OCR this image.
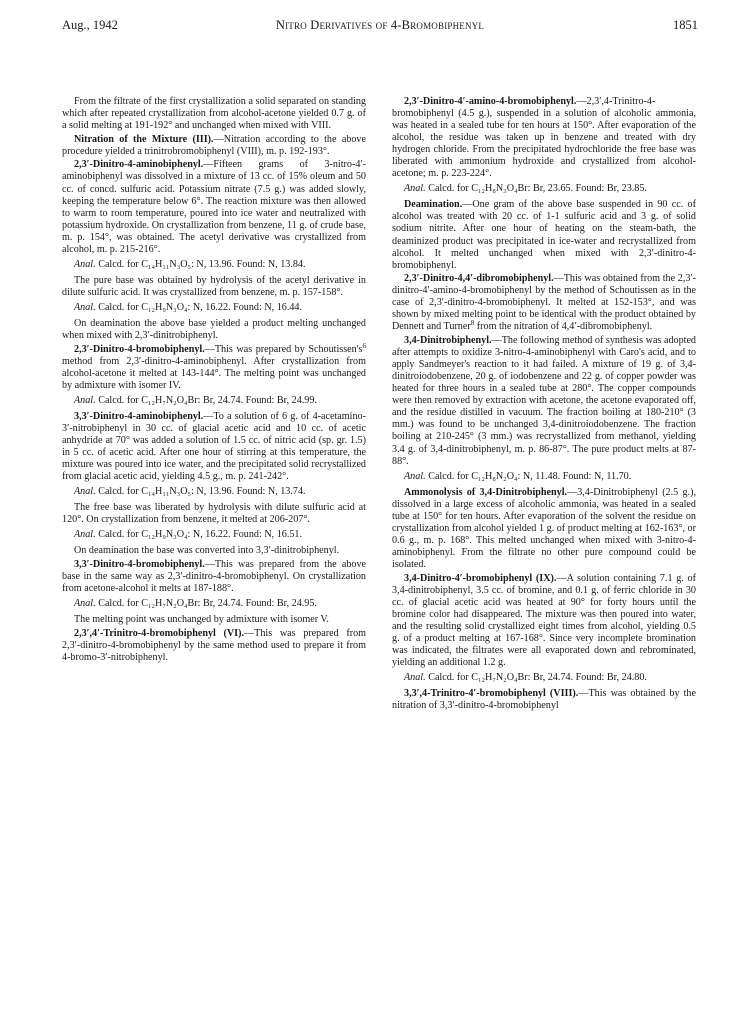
Aug., 1942	Nitro Derivatives of 4-Bromobiphenyl	1851

From the filtrate of the first crystallization a solid separated on standing which after repeated crystallization from alcohol-acetone yielded 0.7 g. of a solid melting at 191-192° and unchanged when mixed with VIII.

Nitration of the Mixture (III).—Nitration according to the above procedure yielded a trinitrobromobiphenyl (VIII), m. p. 192-193°.

2,3′-Dinitro-4-aminobiphenyl.—Fifteen grams of 3-nitro-4′-aminobiphenyl was dissolved in a mixture of 13 cc. of 15% oleum and 50 cc. of concd. sulfuric acid. Potassium nitrate (7.5 g.) was added slowly, keeping the temperature below 6°. The reaction mixture was then allowed to warm to room temperature, poured into ice water and neutralized with potassium hydroxide. On crystallization from benzene, 11 g. of crude base, m. p. 154°, was obtained. The acetyl derivative was crystallized from alcohol, m. p. 215-216°.

Anal. Calcd. for C₁₄H₁₁N₃O₅: N, 13.96. Found: N, 13.84.

The pure base was obtained by hydrolysis of the acetyl derivative in dilute sulfuric acid. It was crystallized from benzene, m. p. 157-158°.

Anal. Calcd. for C₁₂H₉N₃O₄: N, 16.22. Found: N, 16.44.

On deamination the above base yielded a product melting unchanged when mixed with 2,3′-dinitrobiphenyl.

2,3′-Dinitro-4-bromobiphenyl.—This was prepared by $Schoutissen's^6$ method from 2,3′-dinitro-4-aminobiphenyl. After crystallization from alcohol-acetone it melted at 143-144°. The melting point was unchanged by admixture with isomer IV.

Anal. Calcd. for C₁₂H₇N₂O₄Br: Br, 24.74. Found: Br, 24.99.

3,3′-Dinitro-4-aminobiphenyl.—To a solution of 6 g. of 4-acetamino-3′-nitrobiphenyl in 30 cc. of glacial acetic acid and 10 cc. of acetic anhydride at 70° was added a solution of 1.5 cc. of nitric acid (sp. gr. 1.5) in 5 cc. of acetic acid. After one hour of stirring at this temperature, the mixture was poured into ice water, and the precipitated solid recrystallized from glacial acetic acid, yielding 4.5 g., m. p. 241-242°.

Anal. Calcd. for C₁₄H₁₁N₃O₅: N, 13.96. Found: N, 13.74.

The free base was liberated by hydrolysis with dilute sulfuric acid at 120°. On crystallization from benzene, it melted at 206-207°.

Anal. Calcd. for C₁₂H₉N₃O₄: N, 16.22. Found: N, 16.51.

On deamination the base was converted into 3,3′-dinitrobiphenyl.

3,3′-Dinitro-4-bromobiphenyl.—This was prepared from the above base in the same way as 2,3′-dinitro-4-bromobiphenyl. On crystallization from acetone-alcohol it melts at 187-188°.

Anal. Calcd. for C₁₂H₇N₂O₄Br: Br, 24.74. Found: Br, 24.95.

The melting point was unchanged by admixture with isomer V.

2,3′,4′-Trinitro-4-bromobiphenyl (VI).—This was prepared from 2,3′-dinitro-4-bromobiphenyl by the same method used to prepare it from 4-bromo-3′-nitrobiphenyl.

2,3′-Dinitro-4′-amino-4-bromobiphenyl.—2,3′,4-Trinitro-4-bromobiphenyl (4.5 g.), suspended in a solution of alcoholic ammonia, was heated in a sealed tube for ten hours at 150°. After evaporation of the alcohol, the residue was taken up in benzene and treated with dry hydrogen chloride. From the precipitated hydrochloride the free base was liberated with ammonium hydroxide and crystallized from alcohol-acetone; m. p. 223-224°.

Anal. Calcd. for C₁₂H₈N₃O₄Br: Br, 23.65. Found: Br, 23.85.

Deamination.—One gram of the above base suspended in 90 cc. of alcohol was treated with 20 cc. of 1-1 sulfuric acid and 3 g. of solid sodium nitrite. After one hour of heating on the steam-bath, the deaminized product was precipitated in ice-water and recrystallized from alcohol. It melted unchanged when mixed with 2,3′-dinitro-4-bromobiphenyl.

2,3′-Dinitro-4,4′-dibromobiphenyl.—This was obtained from the 2,3′-dinitro-4′-amino-4-bromobiphenyl by the method of Schoutissen as in the case of 2,3′-dinitro-4-bromobiphenyl. It melted at 152-153°, and was shown by mixed melting point to be identical with the product obtained by Dennett and Turner$^8$ from the nitration of 4,4′-dibromobiphenyl.

3,4-Dinitrobiphenyl.—The following method of synthesis was adopted after attempts to oxidize 3-nitro-4-aminobiphenyl with Caro's acid, and to apply Sandmeyer's reaction to it had failed. A mixture of 19 g. of 3,4-dinitroiodobenzene, 20 g. of iodobenzene and 22 g. of copper powder was heated for three hours in a sealed tube at 280°. The copper compounds were then removed by extraction with acetone, the acetone evaporated off, and the residue distilled in vacuum. The fraction boiling at 180-210° (3 mm.) was found to be unchanged 3,4-dinitroiodobenzene. The fraction boiling at 210-245° (3 mm.) was recrystallized from methanol, yielding 3.4 g. of 3,4-dinitrobiphenyl, m. p. 86-87°. The pure product melts at 87-88°.

Anal. Calcd. for C₁₂H₈N₂O₄: N, 11.48. Found: N, 11.70.

Ammonolysis of 3,4-Dinitrobiphenyl.—3,4-Dinitrobiphenyl (2.5 g.), dissolved in a large excess of alcoholic ammonia, was heated in a sealed tube at 150° for ten hours. After evaporation of the solvent the residue on crystallization from alcohol yielded 1 g. of product melting at 162-163°, or 0.6 g., m. p. 168°. This melted unchanged when mixed with 3-nitro-4-aminobiphenyl. From the filtrate no other pure compound could be isolated.

3,4-Dinitro-4′-bromobiphenyl (IX).—A solution containing 7.1 g. of 3,4-dinitrobiphenyl, 3.5 cc. of bromine, and 0.1 g. of ferric chloride in 30 cc. of glacial acetic acid was heated at 90° for forty hours until the bromine color had disappeared. The mixture was then poured into water, and the resulting solid crystallized eight times from alcohol, yielding 0.5 g. of a product melting at 167-168°. Since very incomplete bromination was indicated, the filtrates were all evaporated down and rebrominated, yielding an additional 1.2 g.

Anal. Calcd. for C₁₂H₇N₂O₄Br: Br, 24.74. Found: Br, 24.80.

3,3′,4-Trinitro-4′-bromobiphenyl (VIII).—This was obtained by the nitration of 3,3′-dinitro-4-bromobiphenyl
